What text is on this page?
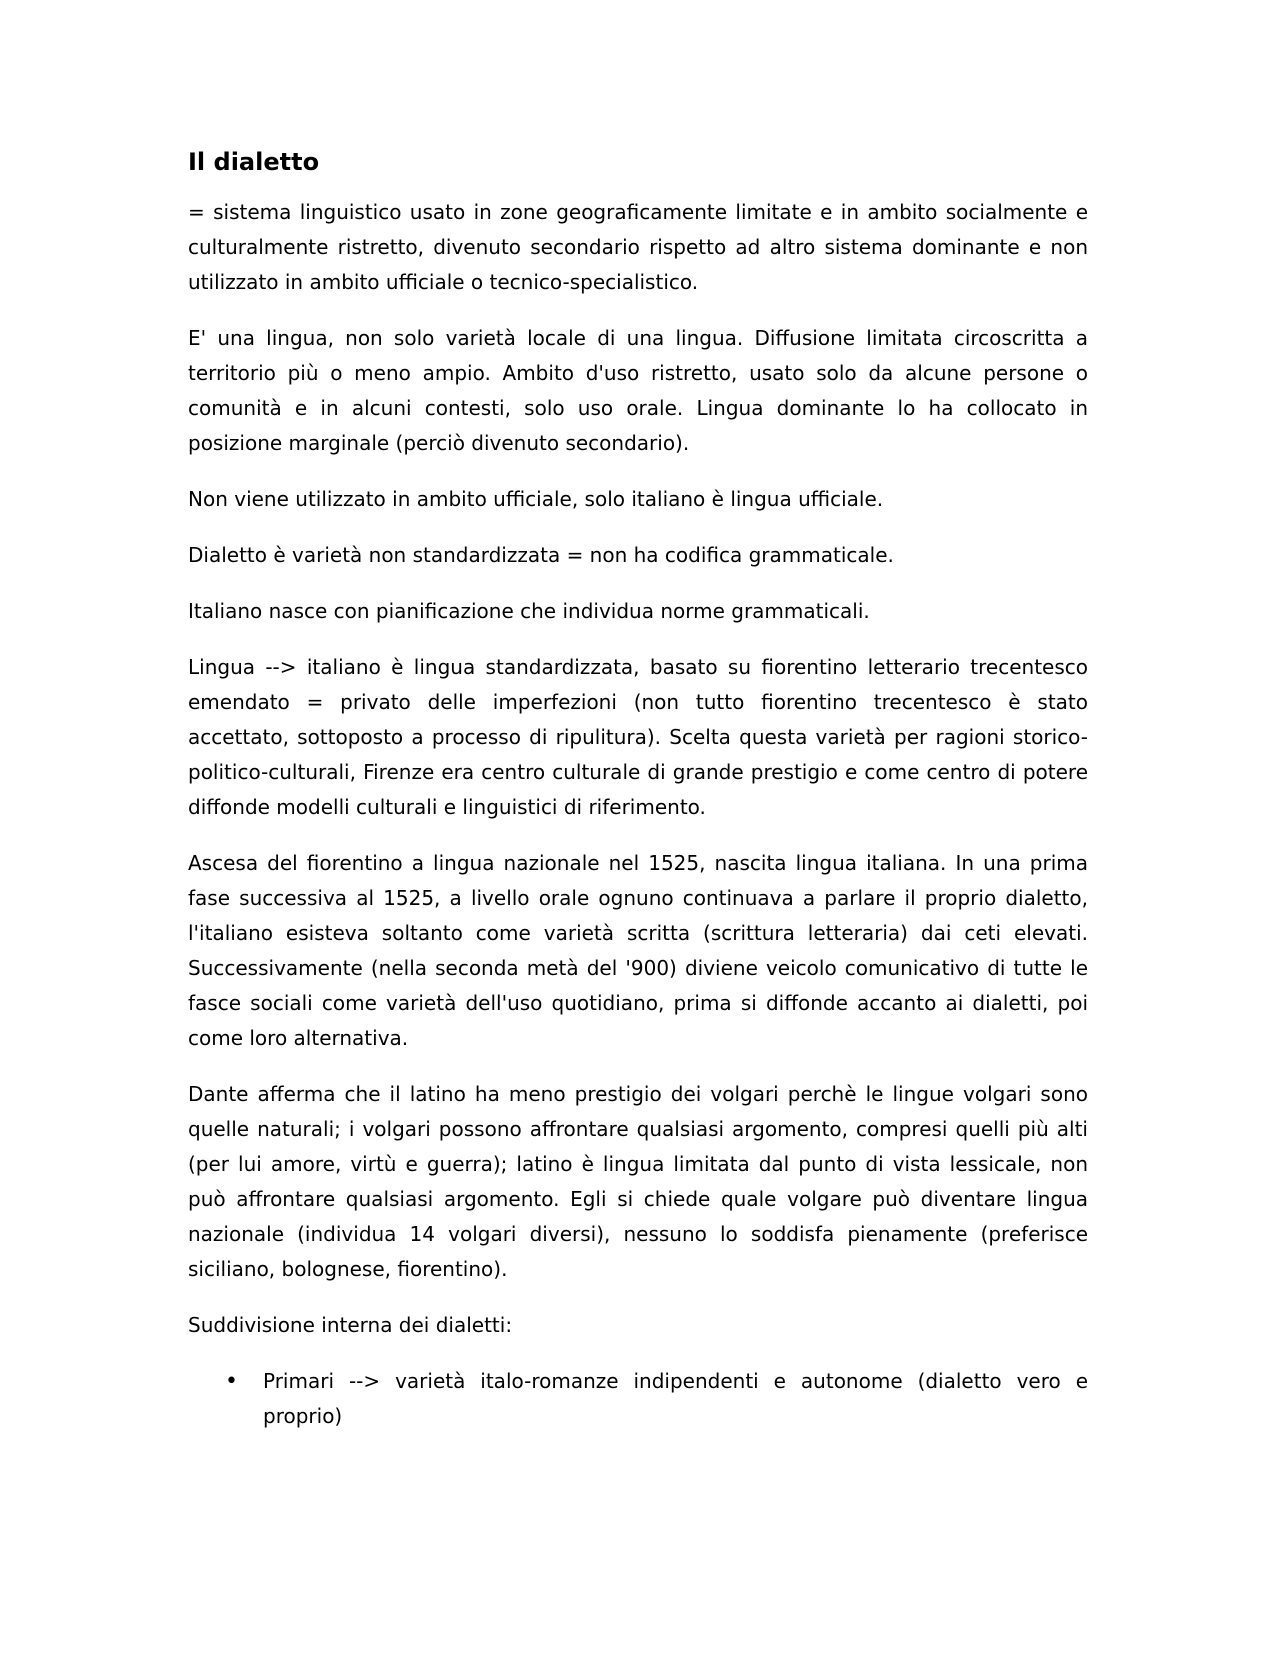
Il dialetto

= sistema linguistico usato in zone geograficamente limitate e in ambito socialmente e culturalmente ristretto, divenuto secondario rispetto ad altro sistema dominante e non utilizzato in ambito ufficiale o tecnico-specialistico.

E' una lingua, non solo varietà locale di una lingua. Diffusione limitata circoscritta a territorio più o meno ampio. Ambito d'uso ristretto, usato solo da alcune persone o comunità e in alcuni contesti, solo uso orale. Lingua dominante lo ha collocato in posizione marginale (perciò divenuto secondario).

Non viene utilizzato in ambito ufficiale, solo italiano è lingua ufficiale.

Dialetto è varietà non standardizzata = non ha codifica grammaticale.

Italiano nasce con pianificazione che individua norme grammaticali.

Lingua --> italiano è lingua standardizzata, basato su fiorentino letterario trecentesco emendato = privato delle imperfezioni (non tutto fiorentino trecentesco è stato accettato, sottoposto a processo di ripulitura). Scelta questa varietà per ragioni storico-politico-culturali, Firenze era centro culturale di grande prestigio e come centro di potere diffonde modelli culturali e linguistici di riferimento.

Ascesa del fiorentino a lingua nazionale nel 1525, nascita lingua italiana. In una prima fase successiva al 1525, a livello orale ognuno continuava a parlare il proprio dialetto, l'italiano esisteva soltanto come varietà scritta (scrittura letteraria) dai ceti elevati. Successivamente (nella seconda metà del '900) diviene veicolo comunicativo di tutte le fasce sociali come varietà dell'uso quotidiano, prima si diffonde accanto ai dialetti, poi come loro alternativa.

Dante afferma che il latino ha meno prestigio dei volgari perchè le lingue volgari sono quelle naturali; i volgari possono affrontare qualsiasi argomento, compresi quelli più alti (per lui amore, virtù e guerra); latino è lingua limitata dal punto di vista lessicale, non può affrontare qualsiasi argomento. Egli si chiede quale volgare può diventare lingua nazionale (individua 14 volgari diversi), nessuno lo soddisfa pienamente (preferisce siciliano, bolognese, fiorentino).

Suddivisione interna dei dialetti:

• Primari --> varietà italo-romanze indipendenti e autonome (dialetto vero e proprio)
